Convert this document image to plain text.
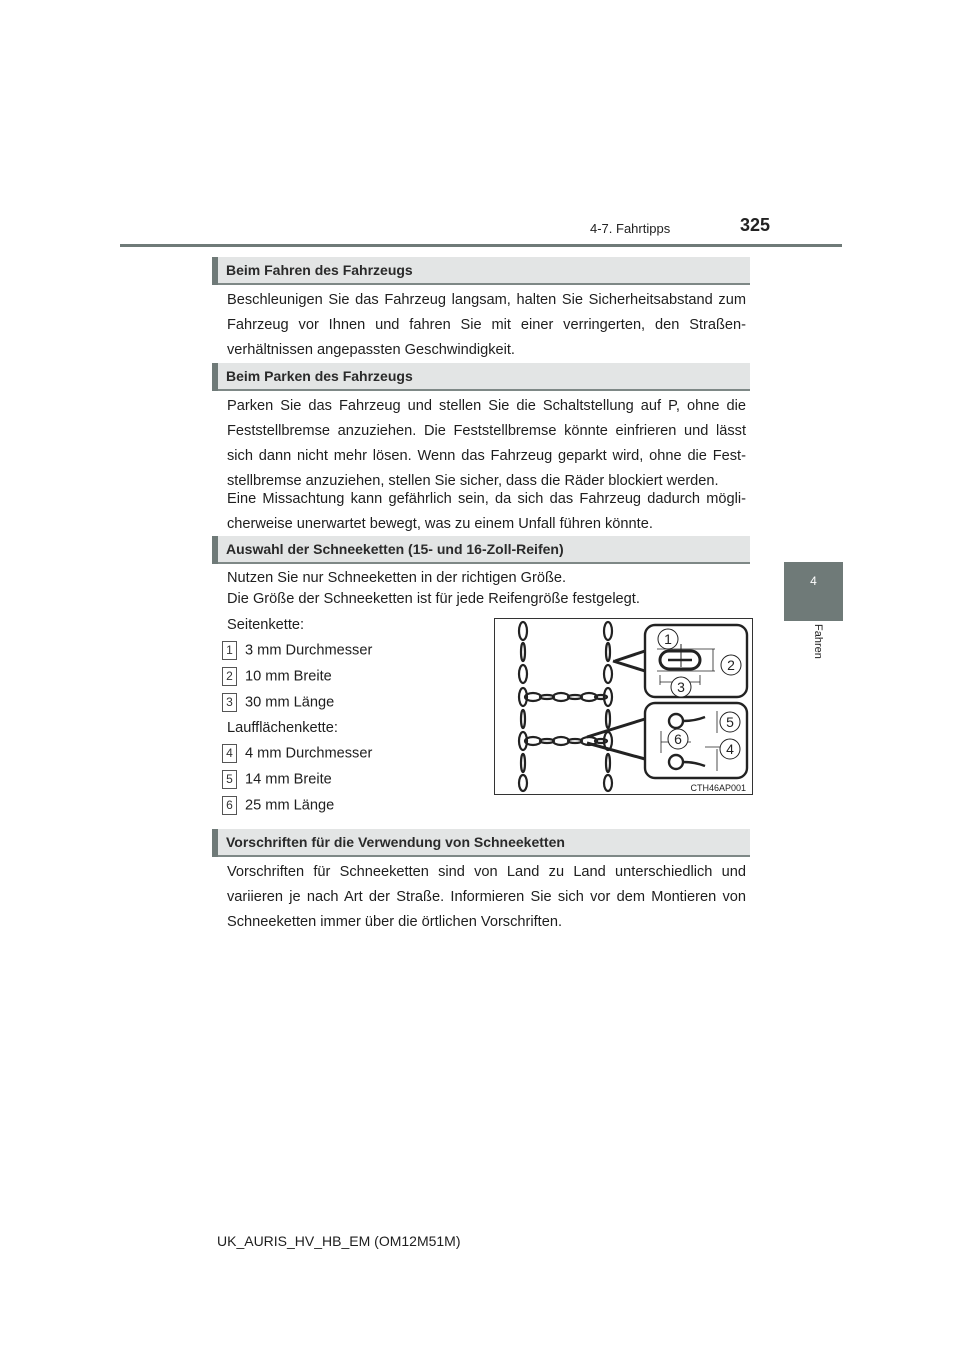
4-7. Fahrtipps	325
4
Fahren
Beim Fahren des Fahrzeugs
Beschleunigen Sie das Fahrzeug langsam, halten Sie Sicherheitsabstand zum Fahrzeug vor Ihnen und fahren Sie mit einer verringerten, den Straßenverhältnissen angepassten Geschwindigkeit.
Beim Parken des Fahrzeugs
Parken Sie das Fahrzeug und stellen Sie die Schaltstellung auf P, ohne die Feststellbremse anzuziehen. Die Feststellbremse könnte einfrieren und lässt sich dann nicht mehr lösen. Wenn das Fahrzeug geparkt wird, ohne die Feststellbremse anzuziehen, stellen Sie sicher, dass die Räder blockiert werden.
Eine Missachtung kann gefährlich sein, da sich das Fahrzeug dadurch möglicherweise unerwartet bewegt, was zu einem Unfall führen könnte.
Auswahl der Schneeketten (15- und 16-Zoll-Reifen)
Nutzen Sie nur Schneeketten in der richtigen Größe.
Die Größe der Schneeketten ist für jede Reifengröße festgelegt.
Seitenkette:
1 3 mm Durchmesser
2 10 mm Breite
3 30 mm Länge
Laufflächenkette:
4 4 mm Durchmesser
5 14 mm Breite
6 25 mm Länge
1
2
3
5
6
4
CTH46AP001
Vorschriften für die Verwendung von Schneeketten
Vorschriften für Schneeketten sind von Land zu Land unterschiedlich und variieren je nach Art der Straße. Informieren Sie sich vor dem Montieren von Schneeketten immer über die örtlichen Vorschriften.
UK_AURIS_HV_HB_EM (OM12M51M)
